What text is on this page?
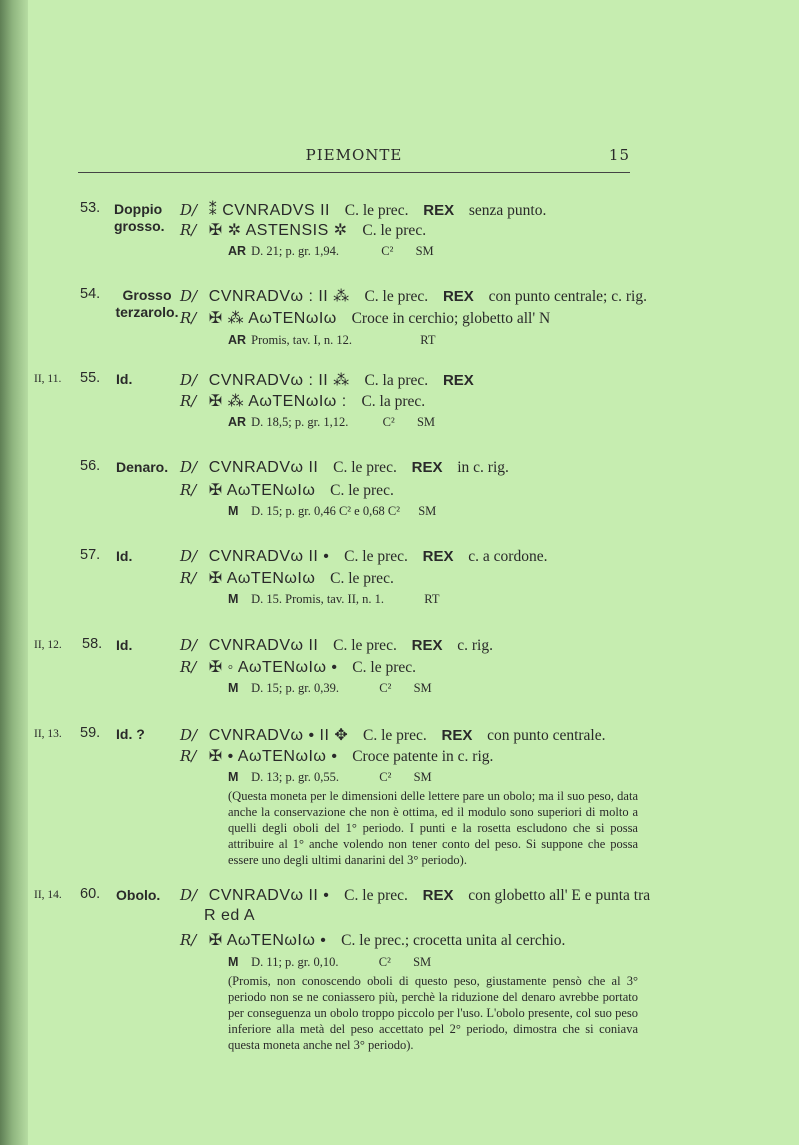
PIEMONTE	15
53. Doppio grosso.
D/ ⁑ CVNRADVS II C. le prec. REX senza punto.
R/ ✠ ✲ ASTENSIS ✲ C. le prec.
AR D. 21; p. gr. 1,94.	C² SM
54.	Grosso terzarolo.
D/ CVNRADVω : II ⁂ C. le prec. REX con punto centrale; c. rig.
R/ ✠ ⁂ AωTENωIω Croce in cerchio; globetto all' N
AR Promis, tav. I, n. 12.	RT
II, 11. 55. Id.	D/ CVNRADVω : II ⁂ C. la prec. REX
R/ ✠ ⁂ AωTENωIω : C. la prec.
AR D. 18,5; p. gr. 1,12.	C² SM
56. Denaro. D/ CVNRADVω II C. le prec. REX in c. rig.
R/ ✠ AωTENωIω C. le prec.
M D. 15; p. gr. 0,46 C² e 0,68 C² SM
57. Id.	D/ CVNRADVω II • C. le prec. REX c. a cordone.
R/ ✠ AωTENωIω C. le prec.
M D. 15. Promis, tav. II, n. 1.	RT
II, 12. 58. Id.	D/ CVNRADVω II C. le prec. REX c. rig.
R/ ✠ ◦ AωTENωIω • C. le prec.
M D. 15; p. gr. 0,39.	C² SM
II, 13. 59. Id. ?	D/ CVNRADVω • II ✥ C. le prec. REX con punto centrale.
R/ ✠ • AωTENωIω • Croce patente in c. rig.
M D. 13; p. gr. 0,55.	C² SM
(Questa moneta per le dimensioni delle lettere pare un obolo; ma il suo peso, data anche la conservazione che non è ottima, ed il modulo sono superiori di molto a quelli degli oboli del 1° periodo. I punti e la rosetta escludono che si possa attribuire al 1° anche volendo non tener conto del peso. Si suppone che possa essere uno degli ultimi danarini del 3° periodo).
II, 14. 60. Obolo.	D/ CVNRADVω II • C. le prec. REX con globetto all' E e punta tra
R ed A
R/ ✠ AωTENωIω • C. le prec.; crocetta unita al cerchio.
M D. 11; p. gr. 0,10.	C² SM
(Promis, non conoscendo oboli di questo peso, giustamente pensò che al 3° periodo non se ne coniassero più, perchè la riduzione del denaro avrebbe portato per conseguenza un obolo troppo piccolo per l'uso. L'obolo presente, col suo peso inferiore alla metà del peso accettato pel 2° periodo, dimostra che si coniava questa moneta anche nel 3° periodo).
